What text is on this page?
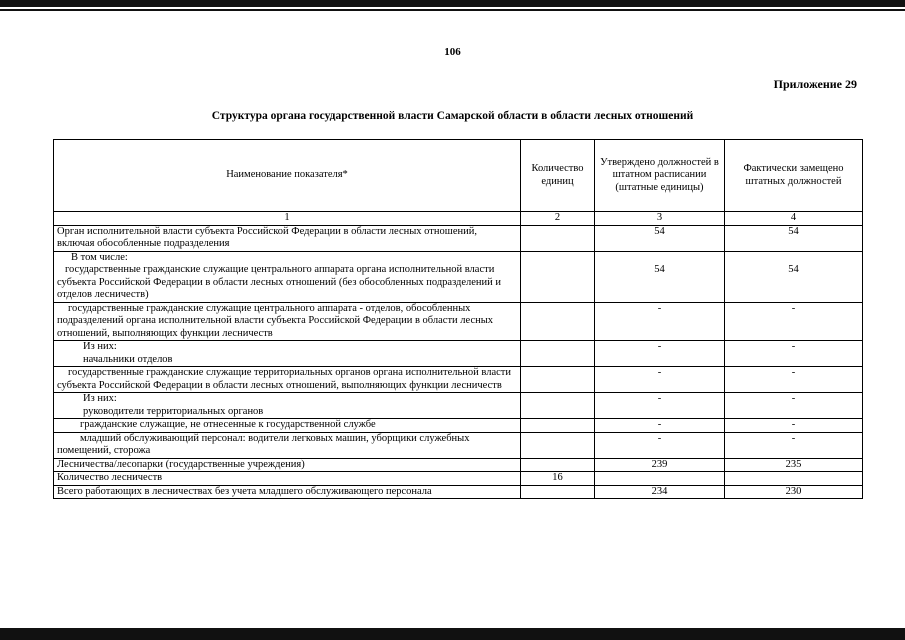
106
Приложение 29
Структура органа государственной власти Самарской области в области лесных отношений
Наименование показателя*	Количество единиц	Утверждено должностей в штатном расписании (штатные единицы)	Фактически замещено штатных должностей
1	2	3	4
Орган исполнительной власти субъекта Российской Федерации в области лесных отношений, включая обособленные подразделения		54	54

В том числе:
государственные гражданские служащие центрального аппарата органа исполнительной власти субъекта Российской Федерации в области лесных отношений (без обособленных подразделений и отделов лесничеств)		54	54
государственные гражданские служащие центрального аппарата - отделов, обособленных подразделений органа исполнительной власти субъекта Российской Федерации в области лесных отношений, выполняющих функции лесничеств		-	-

Из них:
начальники отделов		-	-
государственные гражданские служащие территориальных органов органа исполнительной власти субъекта Российской Федерации в области лесных отношений, выполняющих функции лесничеств		-	-

Из них:
руководители территориальных органов		-	-
гражданские служащие, не отнесенные к государственной службе		-	-
младший обслуживающий персонал: водители легковых машин, уборщики служебных помещений, сторожа		-	-
Лесничества/лесопарки (государственные учреждения)		239	235
Количество лесничеств	16		
Всего работающих в лесничествах без учета младшего обслуживающего персонала		234	230
